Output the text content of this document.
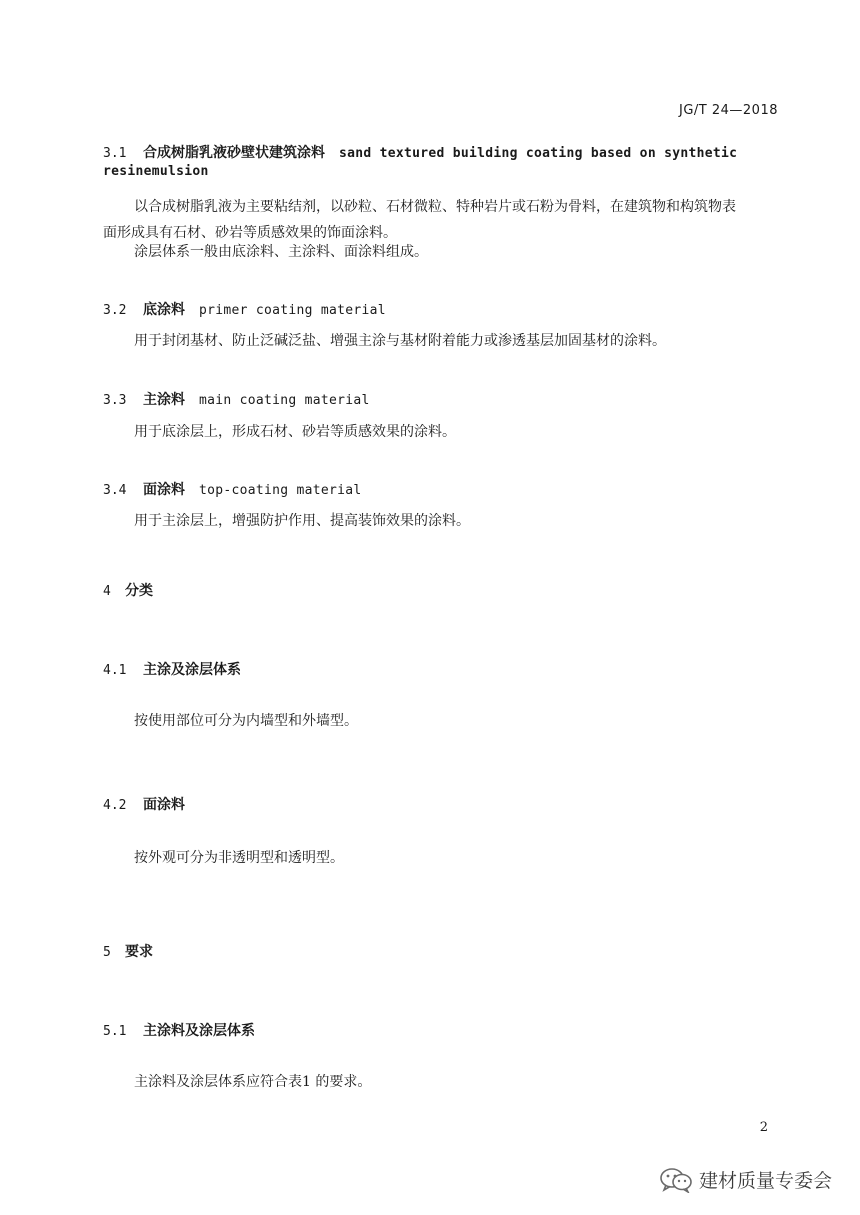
JG/T 24—2018
3.1 合成树脂乳液砂壁状建筑涂料 sand textured building coating based on synthetic
resinemulsion
以合成树脂乳液为主要粘结剂，以砂粒、石材微粒、特种岩片或石粉为骨料，在建筑物和构筑物表
面形成具有石材、砂岩等质感效果的饰面涂料。
涂层体系一般由底涂料、主涂料、面涂料组成。
3.2 底涂料 primer coating material
用于封闭基材、防止泛碱泛盐、增强主涂与基材附着能力或渗透基层加固基材的涂料。
3.3 主涂料 main coating material
用于底涂层上，形成石材、砂岩等质感效果的涂料。
3.4 面涂料 top-coating material
用于主涂层上，增强防护作用、提高装饰效果的涂料。
4 分类
4.1 主涂及涂层体系
按使用部位可分为内墙型和外墙型。
4.2 面涂料
按外观可分为非透明型和透明型。
5 要求
5.1 主涂料及涂层体系
主涂料及涂层体系应符合表1 的要求。
2
建材质量专委会
